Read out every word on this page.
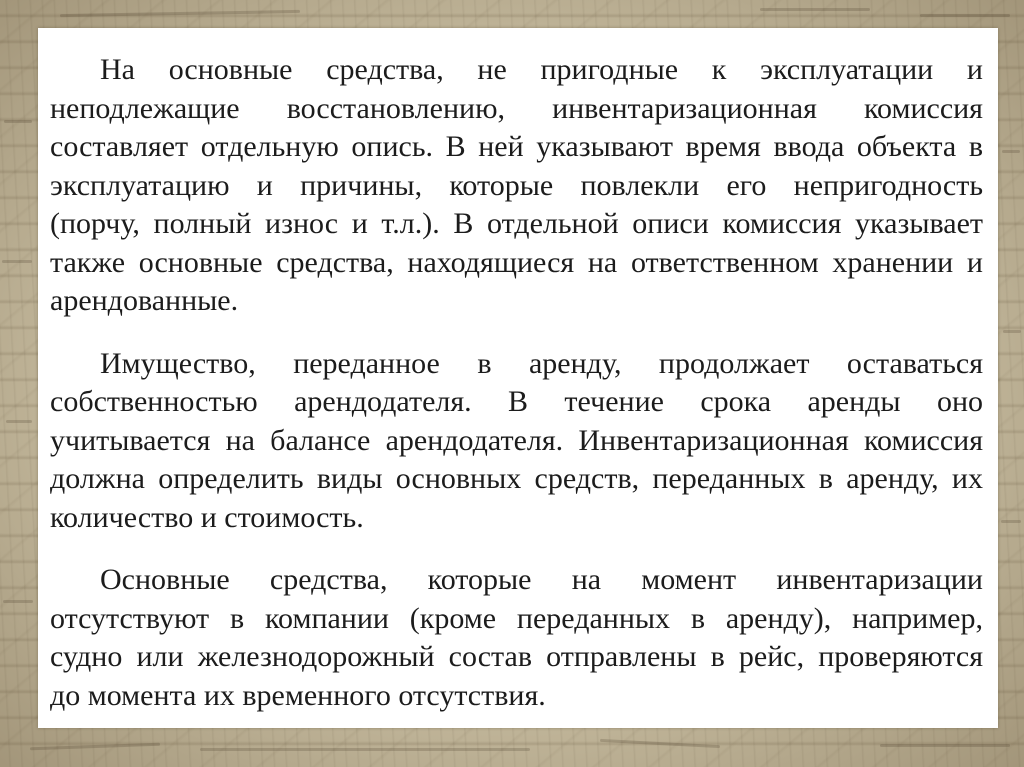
На основные средства, не пригодные к эксплуатации и
неподлежащие восстановлению, инвентаризационная комиссия
составляет отдельную опись. В ней указывают время ввода объекта в
эксплуатацию и причины, которые повлекли его непригодность
(порчу, полный износ и т.л.). В отдельной описи комиссия указывает
также основные средства, находящиеся на ответственном хранении и
арендованные.
Имущество, переданное в аренду, продолжает оставаться
собственностью арендодателя. В течение срока аренды оно
учитывается на балансе арендодателя. Инвентаризационная комиссия
должна определить виды основных средств, переданных в аренду, их
количество и стоимость.
Основные средства, которые на момент инвентаризации
отсутствуют в компании (кроме переданных в аренду), например,
судно или железнодорожный состав отправлены в рейс, проверяются
до момента их временного отсутствия.
